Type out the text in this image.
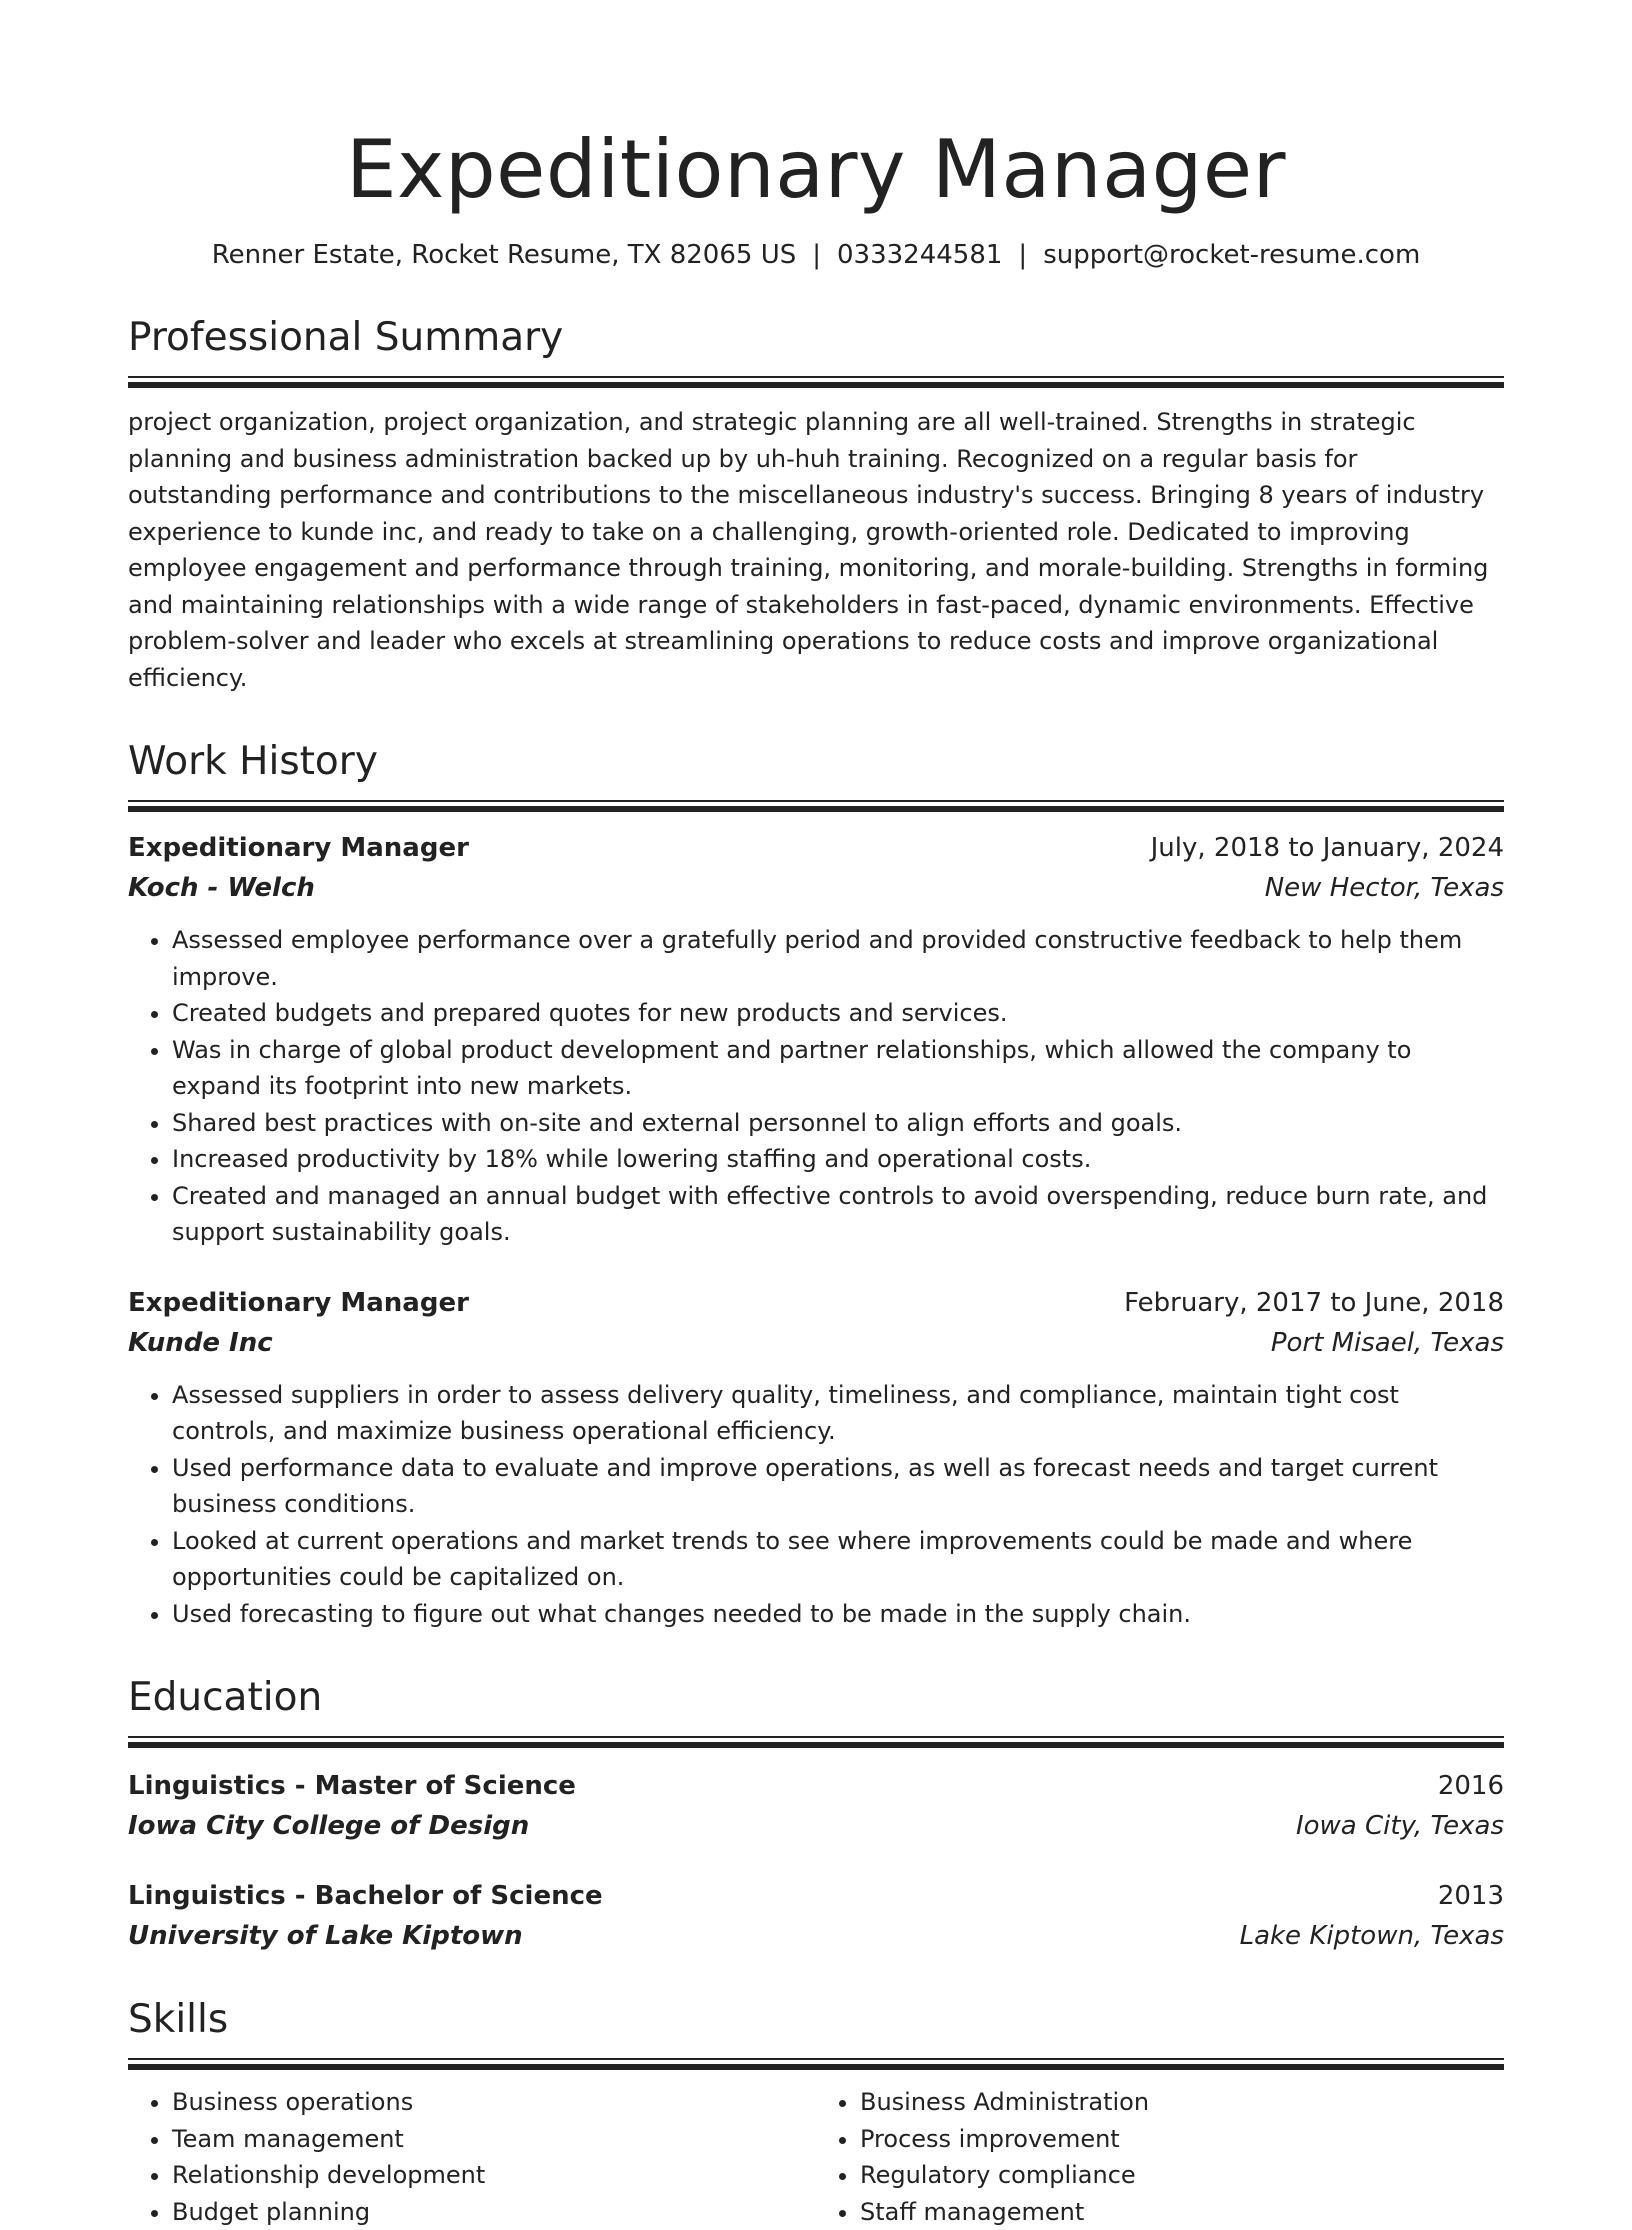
Expeditionary Manager
Renner Estate, Rocket Resume, TX 82065 US | 0333244581 | support@rocket-resume.com
Professional Summary
project organization, project organization, and strategic planning are all well-trained. Strengths in strategic planning and business administration backed up by uh-huh training. Recognized on a regular basis for outstanding performance and contributions to the miscellaneous industry's success. Bringing 8 years of industry experience to kunde inc, and ready to take on a challenging, growth-oriented role. Dedicated to improving employee engagement and performance through training, monitoring, and morale-building. Strengths in forming and maintaining relationships with a wide range of stakeholders in fast-paced, dynamic environments. Effective problem-solver and leader who excels at streamlining operations to reduce costs and improve organizational efficiency.
Work History
Expeditionary Manager	July, 2018 to January, 2024
Koch - Welch	New Hector, Texas
• Assessed employee performance over a gratefully period and provided constructive feedback to help them improve.
• Created budgets and prepared quotes for new products and services.
• Was in charge of global product development and partner relationships, which allowed the company to expand its footprint into new markets.
• Shared best practices with on-site and external personnel to align efforts and goals.
• Increased productivity by 18% while lowering staffing and operational costs.
• Created and managed an annual budget with effective controls to avoid overspending, reduce burn rate, and support sustainability goals.
Expeditionary Manager	February, 2017 to June, 2018
Kunde Inc	Port Misael, Texas
• Assessed suppliers in order to assess delivery quality, timeliness, and compliance, maintain tight cost controls, and maximize business operational efficiency.
• Used performance data to evaluate and improve operations, as well as forecast needs and target current business conditions.
• Looked at current operations and market trends to see where improvements could be made and where opportunities could be capitalized on.
• Used forecasting to figure out what changes needed to be made in the supply chain.
Education
Linguistics - Master of Science	2016
Iowa City College of Design	Iowa City, Texas
Linguistics - Bachelor of Science	2013
University of Lake Kiptown	Lake Kiptown, Texas
Skills
• Business operations
• Team management
• Relationship development
• Budget planning
• Business Administration
• Process improvement
• Regulatory compliance
• Staff management
